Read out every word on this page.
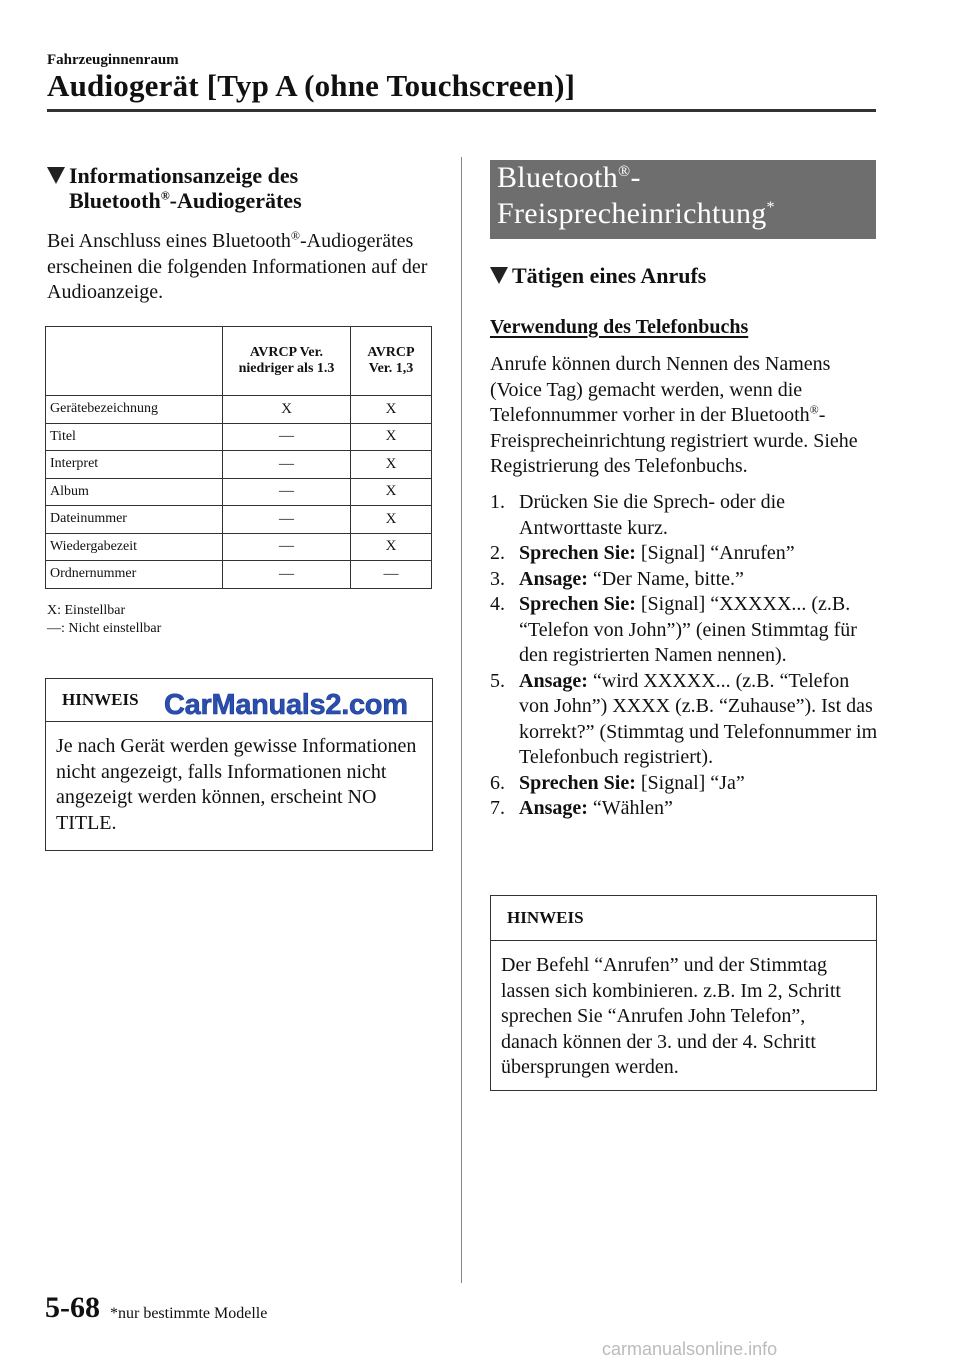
Fahrzeuginnenraum
Audiogerät [Typ A (ohne Touchscreen)]
Informationsanzeige des
Bluetooth®-Audiogerätes
Bei Anschluss eines Bluetooth®-Audiogerätes erscheinen die folgenden Informationen auf der Audioanzeige.
	AVRCP Ver. niedriger als 1.3	AVRCP Ver. 1,3
Gerätebezeichnung	X	X
Titel	—	X
Interpret	—	X
Album	—	X
Dateinummer	—	X
Wiedergabezeit	—	X
Ordnernummer	—	—
X: Einstellbar
—: Nicht einstellbar
HINWEIS CarManuals2.com
Je nach Gerät werden gewisse Informationen nicht angezeigt, falls Informationen nicht angezeigt werden können, erscheint NO TITLE.
Bluetooth®-
Freisprecheinrichtung*
Tätigen eines Anrufs
Verwendung des Telefonbuchs
Anrufe können durch Nennen des Namens (Voice Tag) gemacht werden, wenn die Telefonnummer vorher in der Bluetooth®-Freisprecheinrichtung registriert wurde. Siehe Registrierung des Telefonbuchs.
1. Drücken Sie die Sprech- oder die Antworttaste kurz.
2. Sprechen Sie: [Signal] “Anrufen”
3. Ansage: “Der Name, bitte.”
4. Sprechen Sie: [Signal] “XXXXX... (z.B. “Telefon von John”)” (einen Stimmtag für den registrierten Namen nennen).
5. Ansage: “wird XXXXX... (z.B. “Telefon von John”) XXXX (z.B. “Zuhause”). Ist das korrekt?” (Stimmtag und Telefonnummer im Telefonbuch registriert).
6. Sprechen Sie: [Signal] “Ja”
7. Ansage: “Wählen”
HINWEIS
Der Befehl “Anrufen” und der Stimmtag lassen sich kombinieren. z.B. Im 2, Schritt sprechen Sie “Anrufen John Telefon”, danach können der 3. und der 4. Schritt übersprungen werden.
5-68 *nur bestimmte Modelle
carmanualsonline.info
